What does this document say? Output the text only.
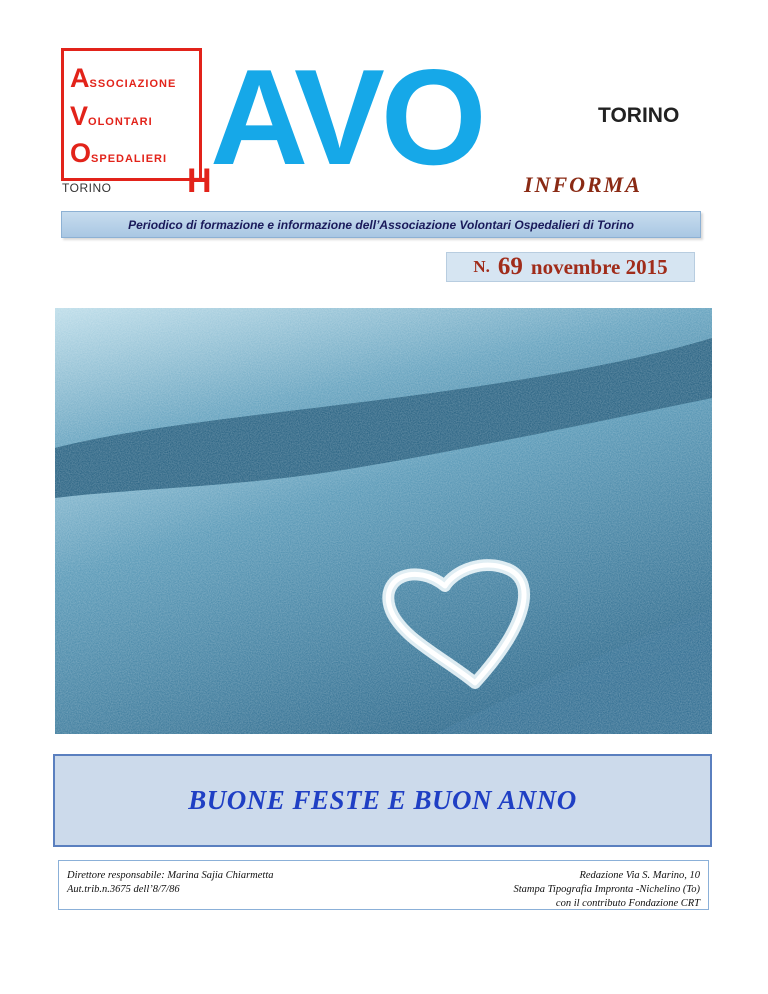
ASSOCIAZIONE
VOLONTARI
OSPEDALIERI
TORINO H
AVO	TORINO
INFORMA
Periodico di formazione e informazione dell’Associazione Volontari Ospedalieri di Torino
N. 69 novembre 2015
BUONE FESTE E BUON ANNO
Direttore responsabile: Marina Sajia Chiarmetta
Aut.trib.n.3675 dell’8/7/86
Redazione Via S. Marino, 10
Stampa Tipografia Impronta -Nichelino (To)
con il contributo Fondazione CRT
